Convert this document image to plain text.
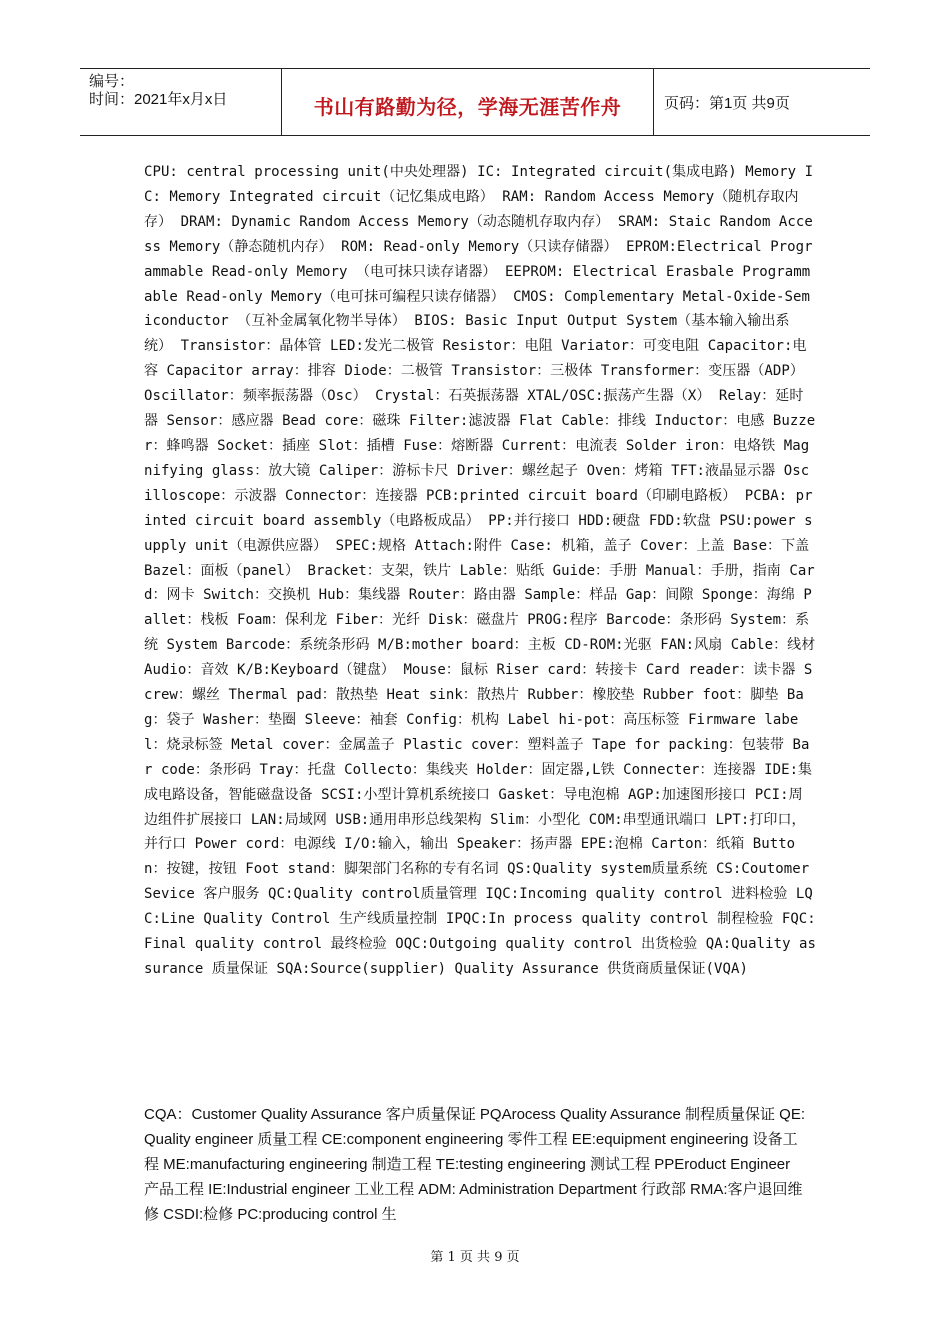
编号：
时间：2021年x月x日	书山有路勤为径，学海无涯苦作舟	页码：第1页 共9页
CPU: central processing unit(中央处理器) IC: Integrated circuit(集成电路) Memory IC: Memory Integrated circuit（记忆集成电路） RAM: Random Access Memory（随机存取内存） DRAM: Dynamic Random Access Memory（动态随机存取内存） SRAM: Staic Random Access Memory（静态随机内存） ROM: Read-only Memory（只读存储器） EPROM:Electrical Programmable Read-only Memory （电可抹只读存诸器） EEPROM: Electrical Erasbale Programmable Read-only Memory（电可抹可编程只读存储器） CMOS: Complementary Metal-Oxide-Semiconductor （互补金属氧化物半导体） BIOS: Basic Input Output System（基本输入输出系统） Transistor：晶体管 LED:发光二极管 Resistor：电阻 Variator：可变电阻 Capacitor:电容 Capacitor array：排容 Diode：二极管 Transistor：三极体 Transformer：变压器（ADP） Oscillator：频率振荡器（Osc） Crystal：石英振荡器 XTAL/OSC:振荡产生器（X） Relay：延时器 Sensor：感应器 Bead core：磁珠 Filter:滤波器 Flat Cable：排线 Inductor：电感 Buzzer：蜂鸣器 Socket：插座 Slot：插槽 Fuse：熔断器 Current：电流表 Solder iron：电烙铁 Magnifying glass：放大镜 Caliper：游标卡尺 Driver：螺丝起子 Oven：烤箱 TFT:液晶显示器 Oscilloscope：示波器 Connector：连接器 PCB:printed circuit board（印刷电路板） PCBA: printed circuit board assembly（电路板成品） PP:并行接口 HDD:硬盘 FDD:软盘 PSU:power supply unit（电源供应器） SPEC:规格 Attach:附件 Case: 机箱，盖子 Cover：上盖 Base：下盖 Bazel：面板（panel） Bracket：支架，铁片 Lable：贴纸 Guide：手册 Manual：手册，指南 Card：网卡 Switch：交换机 Hub：集线器 Router：路由器 Sample：样品 Gap：间隙 Sponge：海绵 Pallet：栈板 Foam：保利龙 Fiber：光纤 Disk：磁盘片 PROG:程序 Barcode：条形码 System：系统 System Barcode：系统条形码 M/B:mother board：主板 CD-ROM:光驱 FAN:风扇 Cable：线材 Audio：音效 K/B:Keyboard（键盘） Mouse：鼠标 Riser card：转接卡 Card reader：读卡器 Screw：螺丝 Thermal pad：散热垫 Heat sink：散热片 Rubber：橡胶垫 Rubber foot：脚垫 Bag：袋子 Washer：垫圈 Sleeve：袖套 Config：机构 Label hi-pot：高压标签 Firmware label：烧录标签 Metal cover：金属盖子 Plastic cover：塑料盖子 Tape for packing：包装带 Bar code：条形码 Tray：托盘 Collecto：集线夹 Holder：固定器,L铁 Connecter：连接器 IDE:集成电路设备，智能磁盘设备 SCSI:小型计算机系统接口 Gasket：导电泡棉 AGP:加速图形接口 PCI:周边组件扩展接口 LAN:局域网 USB:通用串形总线架构 Slim：小型化 COM:串型通讯端口 LPT:打印口，并行口 Power cord：电源线 I/O:输入，输出 Speaker：扬声器 EPE:泡棉 Carton：纸箱 Button：按键，按钮 Foot stand：脚架部门名称的专有名词 QS:Quality system质量系统 CS:Coutomer Sevice 客户服务 QC:Quality control质量管理 IQC:Incoming quality control 进料检验 LQC:Line Quality Control 生产线质量控制 IPQC:In process quality control 制程检验 FQC:Final quality control 最终检验 OQC:Outgoing quality control 出货检验 QA:Quality assurance 质量保证 SQA:Source(supplier) Quality Assurance 供货商质量保证(VQA)
CQA：Customer Quality Assurance 客户质量保证 PQArocess Quality Assurance 制程质量保证 QE:Quality engineer 质量工程 CE:component engineering 零件工程 EE:equipment engineering 设备工程 ME:manufacturing engineering 制造工程 TE:testing engineering 测试工程 PPEroduct Engineer 产品工程 IE:Industrial engineer 工业工程 ADM: Administration Department 行政部 RMA:客户退回维修 CSDI:检修 PC:producing control 生
第 1 页 共 9 页
